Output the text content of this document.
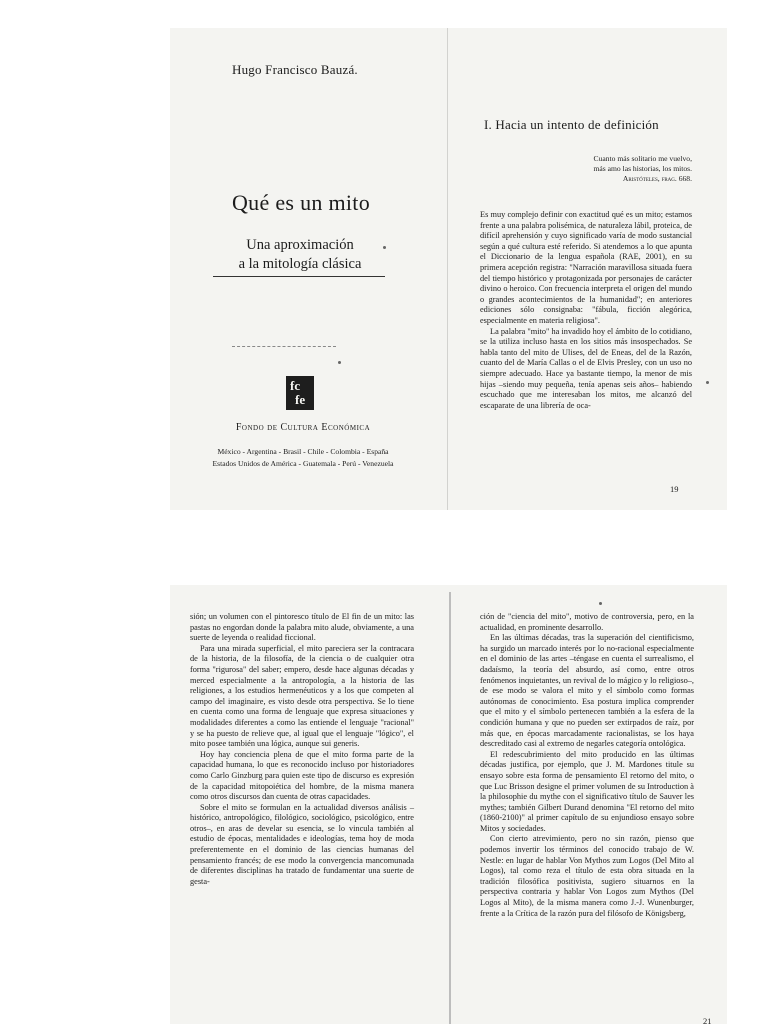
Hugo Francisco Bauzá.
Qué es un mito
Una aproximación
a la mitología clásica
fc
fe
Fondo de Cultura Económica
México - Argentina - Brasil - Chile - Colombia - España
Estados Unidos de América - Guatemala - Perú - Venezuela
I. Hacia un intento de definición
Cuanto más solitario me vuelvo, más amo las historias, los mitos.
Aristóteles, frag. 668.

Es muy complejo definir con exactitud qué es un mito; estamos frente a una palabra polisémica, de naturaleza lábil, proteica, de difícil aprehensión y cuyo significado varía de modo sustancial según a qué cultura esté referido. Si atendemos a lo que apunta el Diccionario de la lengua española (RAE, 2001), en su primera acepción registra: "Narración maravillosa situada fuera del tiempo histórico y protagonizada por personajes de carácter divino o heroico. Con frecuencia interpreta el origen del mundo o grandes acontecimientos de la humanidad"; en anteriores ediciones sólo consignaba: "fábula, ficción alegórica, especialmente en materia religiosa".

La palabra "mito" ha invadido hoy el ámbito de lo cotidiano, se la utiliza incluso hasta en los sitios más insospechados. Se habla tanto del mito de Ulises, del de Eneas, del de la Razón, cuanto del de María Callas o el de Elvis Presley, con un uso no siempre adecuado. Hace ya bastante tiempo, la menor de mis hijas –siendo muy pequeña, tenía apenas seis años– habiendo escuchado que me interesaban los mitos, me alcanzó del escaparate de una librería de oca-

19

sión; un volumen con el pintoresco título de El fin de un mito: las pastas no engordan donde la palabra mito alude, obviamente, a una suerte de leyenda o realidad ficcional.

Para una mirada superficial, el mito pareciera ser la contracara de la historia, de la filosofía, de la ciencia o de cualquier otra forma "rigurosa" del saber; empero, desde hace algunas décadas y merced especialmente a la antropología, a la historia de las religiones, a los estudios hermenéuticos y a los que competen al campo del imaginaire, es visto desde otra perspectiva. Se lo tiene en cuenta como una forma de lenguaje que expresa situaciones y modalidades diferentes a como las entiende el lenguaje "racional" y se ha puesto de relieve que, al igual que el lenguaje "lógico", el mito posee también una lógica, aunque sui generis.

Hoy hay conciencia plena de que el mito forma parte de la capacidad humana, lo que es reconocido incluso por historiadores como Carlo Ginzburg para quien este tipo de discurso es expresión de la capacidad mitopoiética del hombre, de la misma manera como otros discursos dan cuenta de otras capacidades.

Sobre el mito se formulan en la actualidad diversos análisis –histórico, antropológico, filológico, sociológico, psicológico, entre otros–, en aras de develar su esencia, se lo vincula también al estudio de épocas, mentalidades e ideologías, tema hoy de moda preferentemente en el dominio de las ciencias humanas del pensamiento francés; de ese modo la convergencia mancomunada de diferentes disciplinas ha tratado de fundamentar una suerte de gesta-

ción de "ciencia del mito", motivo de controversia, pero, en la actualidad, en prominente desarrollo.

En las últimas décadas, tras la superación del cientificismo, ha surgido un marcado interés por lo no-racional especialmente en el dominio de las artes –téngase en cuenta el surrealismo, el dadaísmo, la teoría del absurdo, así como, entre otros fenómenos inquietantes, un revival de lo mágico y lo religioso–, de ese modo se valora el mito y el símbolo como formas autónomas de conocimiento. Esa postura implica comprender que el mito y el símbolo pertenecen también a la esfera de la condición humana y que no pueden ser extirpados de raíz, por más que, en épocas marcadamente racionalistas, se los haya descreditado casi al extremo de negarles categoría ontológica.

El redescubrimiento del mito producido en las últimas décadas justifica, por ejemplo, que J. M. Mardones titule su ensayo sobre esta forma de pensamiento El retorno del mito, o que Luc Brisson designe el primer volumen de su Introduction à la philosophie du mythe con el significativo título de Sauver les mythes; también Gilbert Durand denomina "El retorno del mito (1860-2100)" al primer capítulo de su enjundioso ensayo sobre Mitos y sociedades.

Con cierto atrevimiento, pero no sin razón, pienso que podemos invertir los términos del conocido trabajo de W. Nestle: en lugar de hablar Von Mythos zum Logos (Del Mito al Logos), tal como reza el título de esta obra situada en la tradición filosófica positivista, sugiero situarnos en la perspectiva contraria y hablar Von Logos zum Mythos (Del Logos al Mito), de la misma manera como J.-J. Wunenburger, frente a la Crítica de la razón pura del filósofo de Königsberg,

21
